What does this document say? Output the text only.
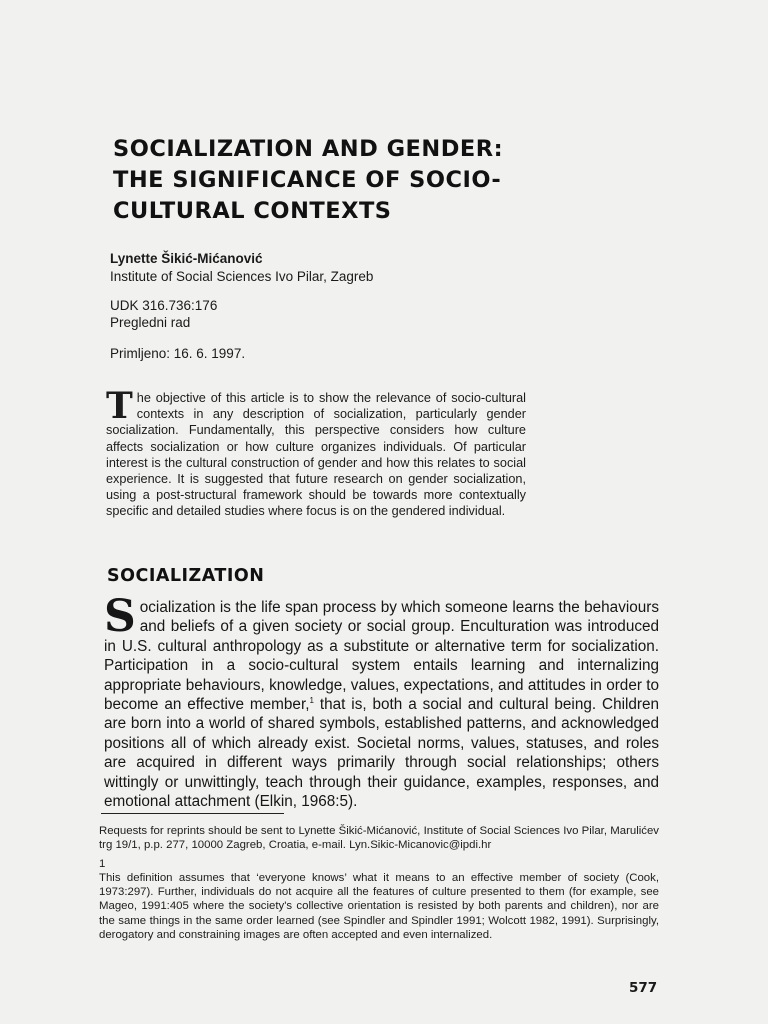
SOCIALIZATION AND GENDER:
THE SIGNIFICANCE OF SOCIO-
CULTURAL CONTEXTS
Lynette Šikić-Mićanović
Institute of Social Sciences Ivo Pilar, Zagreb
UDK 316.736:176
Pregledni rad
Primljeno: 16. 6. 1997.
The objective of this article is to show the relevance of socio-cultural contexts in any description of socialization, particularly gender socialization. Fundamentally, this perspective considers how culture affects socialization or how culture organizes individuals. Of particular interest is the cultural construction of gender and how this relates to social experience. It is suggested that future research on gender socialization, using a post-structural framework should be towards more contextually specific and detailed studies where focus is on the gendered individual.
SOCIALIZATION
Socialization is the life span process by which someone learns the behaviours and beliefs of a given society or social group. Enculturation was introduced in U.S. cultural anthropology as a substitute or alternative term for socialization. Participation in a socio-cultural system entails learning and internalizing appropriate behaviours, knowledge, values, expectations, and attitudes in order to become an effective member,$^1$ that is, both a social and cultural being. Children are born into a world of shared symbols, established patterns, and acknowledged positions all of which already exist. Societal norms, values, statuses, and roles are acquired in different ways primarily through social relationships; others wittingly or unwittingly, teach through their guidance, examples, responses, and emotional attachment (Elkin, 1968:5).
Requests for reprints should be sent to Lynette Šikić-Mićanović, Institute of Social Sciences Ivo Pilar, Marulićev trg 19/1, p.p. 277, 10000 Zagreb, Croatia, e-mail. Lyn.Sikic-Micanovic@ipdi.hr
1
This definition assumes that ‘everyone knows’ what it means to an effective member of society (Cook, 1973:297). Further, individuals do not acquire all the features of culture presented to them (for example, see Mageo, 1991:405 where the society's collective orientation is resisted by both parents and children), nor are the same things in the same order learned (see Spindler and Spindler 1991; Wolcott 1982, 1991). Surprisingly, derogatory and constraining images are often accepted and even internalized.
577
